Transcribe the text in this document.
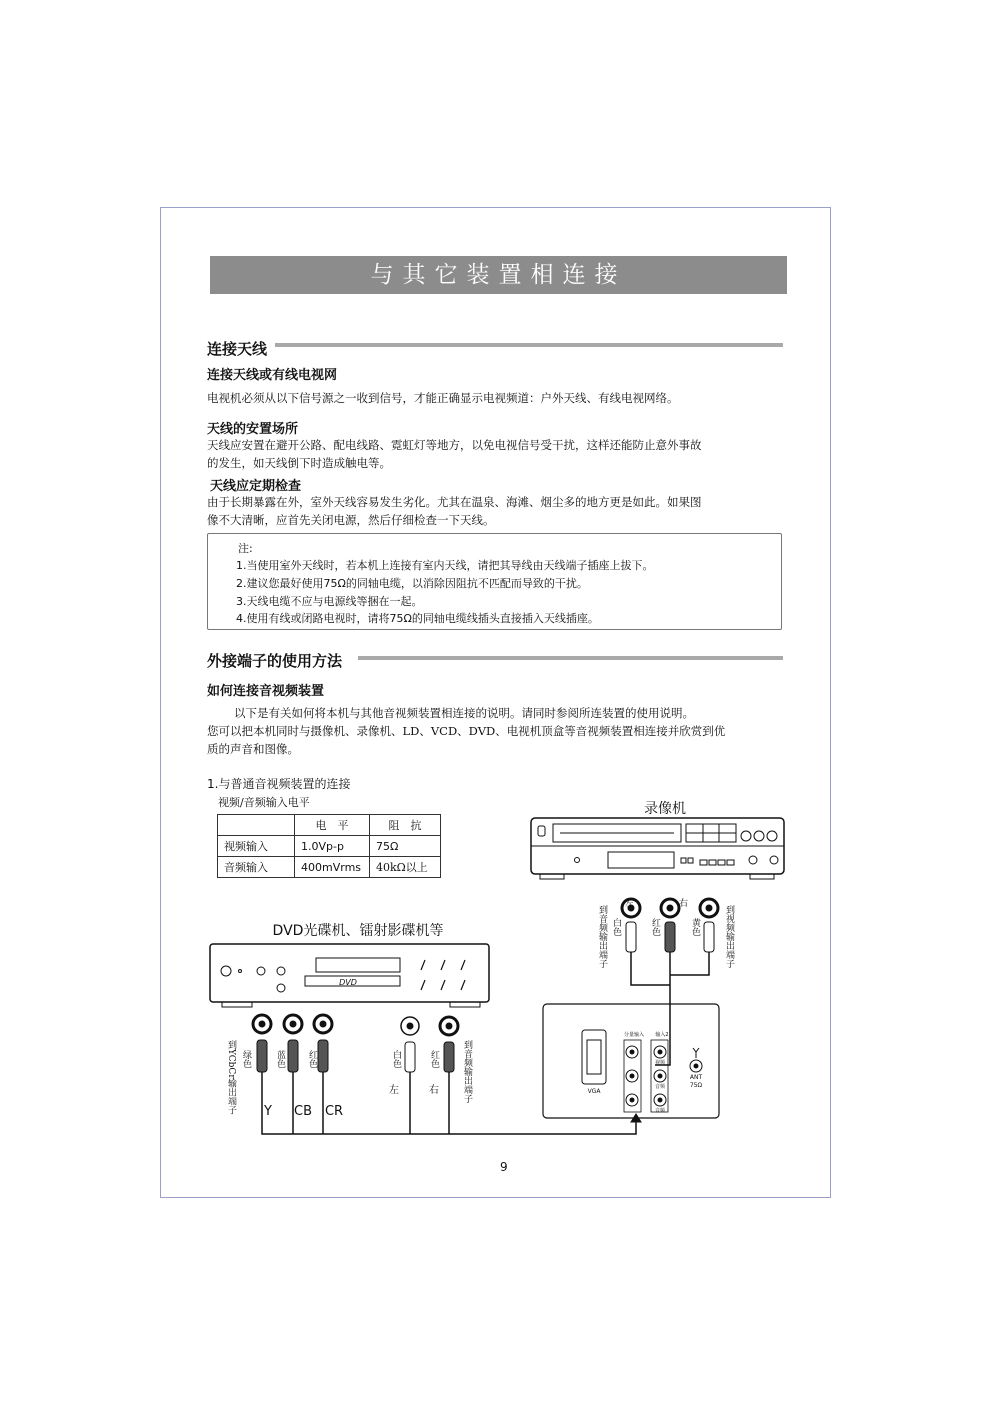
与其它装置相连接
连接天线
连接天线或有线电视网
电视机必须从以下信号源之一收到信号，才能正确显示电视频道：户外天线、有线电视网络。
天线的安置场所
天线应安置在避开公路、配电线路、霓虹灯等地方，以免电视信号受干扰，这样还能防止意外事故
的发生，如天线倒下时造成触电等。
天线应定期检查
由于长期暴露在外，室外天线容易发生劣化。尤其在温泉、海滩、烟尘多的地方更是如此。如果图
像不大清晰，应首先关闭电源，然后仔细检查一下天线。
注:
1.当使用室外天线时，若本机上连接有室内天线，请把其导线由天线端子插座上拔下。
2.建议您最好使用75Ω的同轴电缆，以消除因阻抗不匹配而导致的干扰。
3.天线电缆不应与电源线等捆在一起。
4.使用有线或闭路电视时，请将75Ω的同轴电缆线插头直接插入天线插座。
外接端子的使用方法
如何连接音视频装置
以下是有关如何将本机与其他音视频装置相连接的说明。请同时参阅所连装置的使用说明。
您可以把本机同时与摄像机、录像机、LD、VCD、DVD、电视机顶盒等音视频装置相连接并欣赏到优
质的声音和图像。
1.与普通音视频装置的连接
视频/音频输入电平
	电　平	阻　抗
视频输入	1.0Vp-p	75Ω
音频输入	400mVrms	40kΩ以上
录像机
DVD光碟机、镭射影碟机等
DVD
Y CB CR
左	右	VGA
分量输入 输入2
视频
音频
音频
ANT
75Ω
到音频输出端子 白色
左
红色
右
黄色	到视频输出端子
到YCbCr输出端子 绿色	蓝色 红色	白色	红色	到音频输出端子
9
